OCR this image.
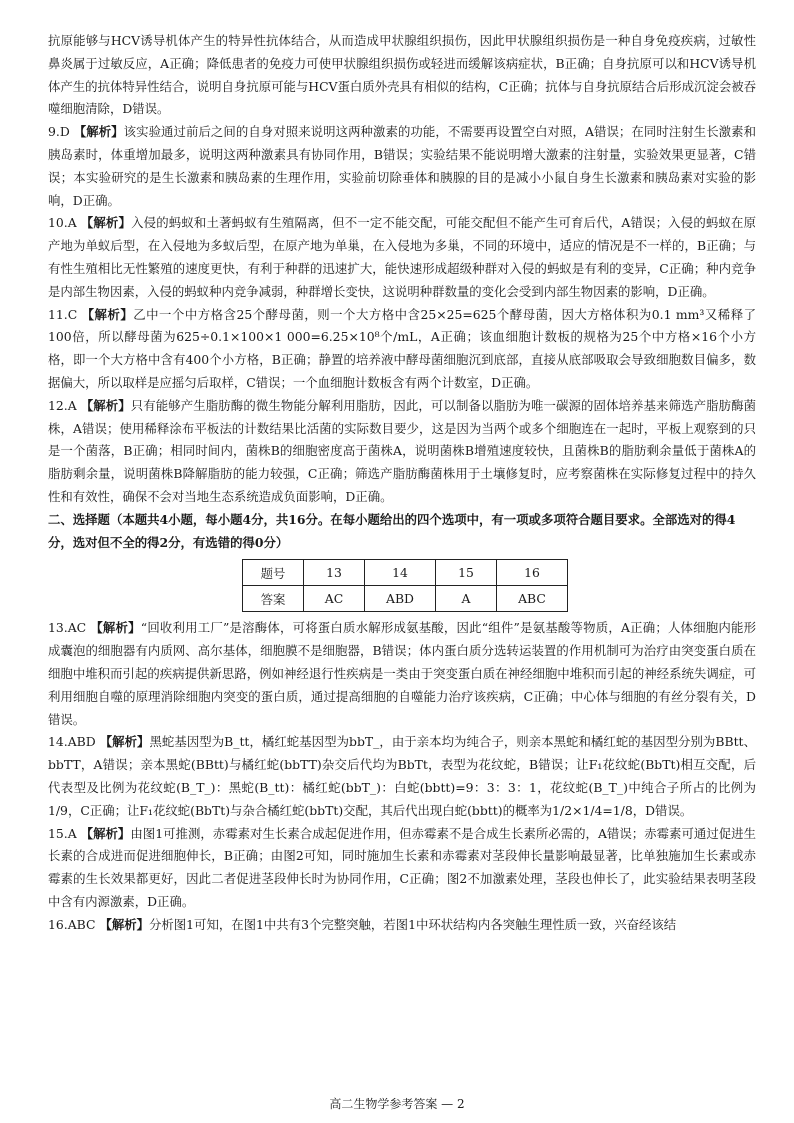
抗原能够与HCV诱导机体产生的特异性抗体结合，从而造成甲状腺组织损伤，因此甲状腺组织损伤是一种自身免疫疾病，过敏性鼻炎属于过敏反应，A正确；降低患者的免疫力可使甲状腺组织损伤或轻进而缓解该病症状，B正确；自身抗原可以和HCV诱导机体产生的抗体特异性结合，说明自身抗原可能与HCV蛋白质外壳具有相似的结构，C正确；抗体与自身抗原结合后形成沉淀会被吞噬细胞清除，D错误。

9.D 【解析】该实验通过前后之间的自身对照来说明这两种激素的功能，不需要再设置空白对照，A错误；在同时注射生长激素和胰岛素时，体重增加最多，说明这两种激素具有协同作用，B错误；实验结果不能说明增大激素的注射量，实验效果更显著，C错误；本实验研究的是生长激素和胰岛素的生理作用，实验前切除垂体和胰腺的目的是减小小鼠自身生长激素和胰岛素对实验的影响，D正确。

10.A 【解析】入侵的蚂蚁和土著蚂蚁有生殖隔离，但不一定不能交配，可能交配但不能产生可育后代，A错误；入侵的蚂蚁在原产地为单蚁后型，在入侵地为多蚁后型，在原产地为单巢，在入侵地为多巢，不同的环境中，适应的情况是不一样的，B正确；与有性生殖相比无性繁殖的速度更快，有利于种群的迅速扩大，能快速形成超级种群对入侵的蚂蚁是有利的变异，C正确；种内竞争是内部生物因素，入侵的蚂蚁种内竞争减弱，种群增长变快，这说明种群数量的变化会受到内部生物因素的影响，D正确。

11.C 【解析】乙中一个中方格含25个酵母菌，则一个大方格中含25×25=625个酵母菌，因大方格体积为0.1 mm³又稀释了100倍，所以酵母菌为625÷0.1×100×1 000=6.25×10⁸个/mL，A正确；该血细胞计数板的规格为25个中方格×16个小方格，即一个大方格中含有400个小方格，B正确；静置的培养液中酵母菌细胞沉到底部，直接从底部吸取会导致细胞数目偏多，数据偏大，所以取样是应摇匀后取样，C错误；一个血细胞计数板含有两个计数室，D正确。

12.A 【解析】只有能够产生脂肪酶的微生物能分解利用脂肪，因此，可以制备以脂肪为唯一碳源的固体培养基来筛选产脂肪酶菌株，A错误；使用稀释涂布平板法的计数结果比活菌的实际数目要少，这是因为当两个或多个细胞连在一起时，平板上观察到的只是一个菌落，B正确；相同时间内，菌株B的细胞密度高于菌株A，说明菌株B增殖速度较快，且菌株B的脂肪剩余量低于菌株A的脂肪剩余量，说明菌株B降解脂肪的能力较强，C正确；筛选产脂肪酶菌株用于土壤修复时，应考察菌株在实际修复过程中的持久性和有效性，确保不会对当地生态系统造成负面影响，D正确。

二、选择题（本题共4小题，每小题4分，共16分。在每小题给出的四个选项中，有一项或多项符合题目要求。全部选对的得4分，选对但不全的得2分，有选错的得0分）

题号	13	14	15	16
答案	AC	ABD	A	ABC

13.AC 【解析】“回收利用工厂”是溶酶体，可将蛋白质水解形成氨基酸，因此“组件”是氨基酸等物质，A正确；人体细胞内能形成囊泡的细胞器有内质网、高尔基体，细胞膜不是细胞器，B错误；体内蛋白质分选转运装置的作用机制可为治疗由突变蛋白质在细胞中堆积而引起的疾病提供新思路，例如神经退行性疾病是一类由于突变蛋白质在神经细胞中堆积而引起的神经系统失调症，可利用细胞自噬的原理消除细胞内突变的蛋白质，通过提高细胞的自噬能力治疗该疾病，C正确；中心体与细胞的有丝分裂有关，D错误。

14.ABD 【解析】黑蛇基因型为B_tt，橘红蛇基因型为bbT_，由于亲本均为纯合子，则亲本黑蛇和橘红蛇的基因型分别为BBtt、bbTT，A错误；亲本黑蛇(BBtt)与橘红蛇(bbTT)杂交后代均为BbTt，表型为花纹蛇，B错误；让F₁花纹蛇(BbTt)相互交配，后代表型及比例为花纹蛇(B_T_)：黑蛇(B_tt)：橘红蛇(bbT_)：白蛇(bbtt)=9：3：3：1，花纹蛇(B_T_)中纯合子所占的比例为1/9，C正确；让F₁花纹蛇(BbTt)与杂合橘红蛇(bbTt)交配，其后代出现白蛇(bbtt)的概率为1/2×1/4=1/8，D错误。

15.A 【解析】由图1可推测，赤霉素对生长素合成起促进作用，但赤霉素不是合成生长素所必需的，A错误；赤霉素可通过促进生长素的合成进而促进细胞伸长，B正确；由图2可知，同时施加生长素和赤霉素对茎段伸长量影响最显著，比单独施加生长素或赤霉素的生长效果都更好，因此二者促进茎段伸长时为协同作用，C正确；图2不加激素处理，茎段也伸长了，此实验结果表明茎段中含有内源激素，D正确。

16.ABC 【解析】分析图1可知，在图1中共有3个完整突触，若图1中环状结构内各突触生理性质一致，兴奋经该结

高二生物学参考答案 — 2
